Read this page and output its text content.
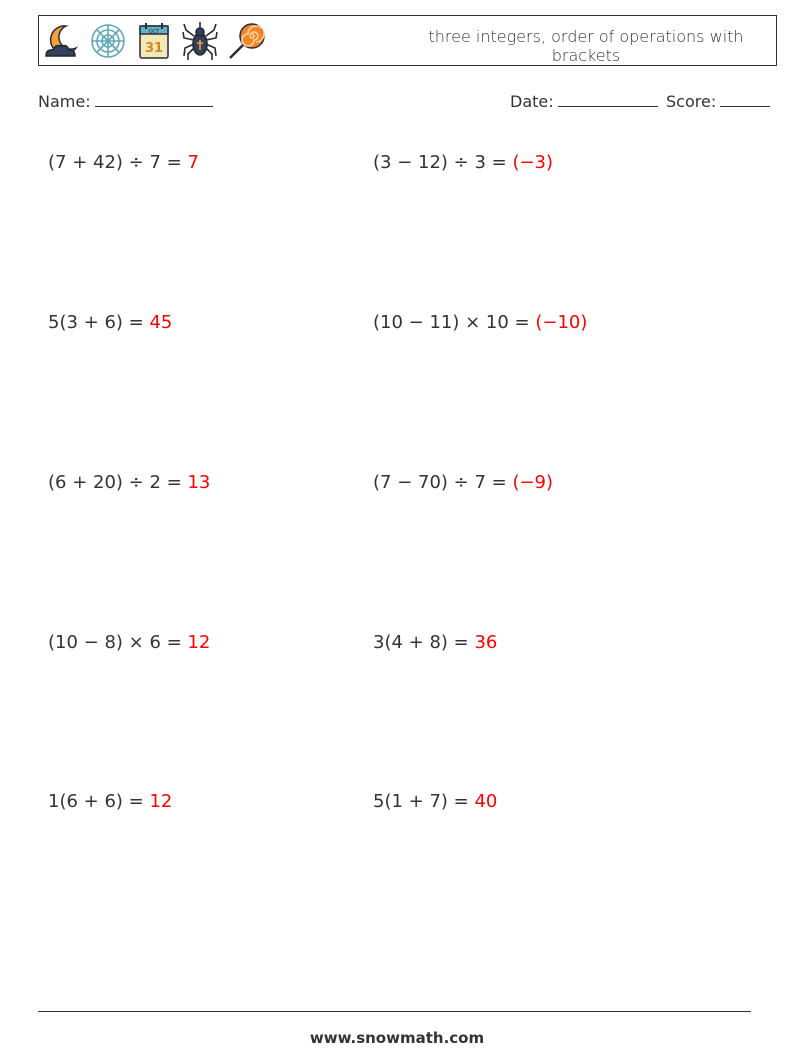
OCT
31
three integers, order of operations with brackets
Name:	Date:	Score:
(7 + 42) ÷ 7 = 7	(3 − 12) ÷ 3 = (−3)
5(3 + 6) = 45	(10 − 11) × 10 = (−10)
(6 + 20) ÷ 2 = 13	(7 − 70) ÷ 7 = (−9)
(10 − 8) × 6 = 12	3(4 + 8) = 36
1(6 + 6) = 12	5(1 + 7) = 40
www.snowmath.com
